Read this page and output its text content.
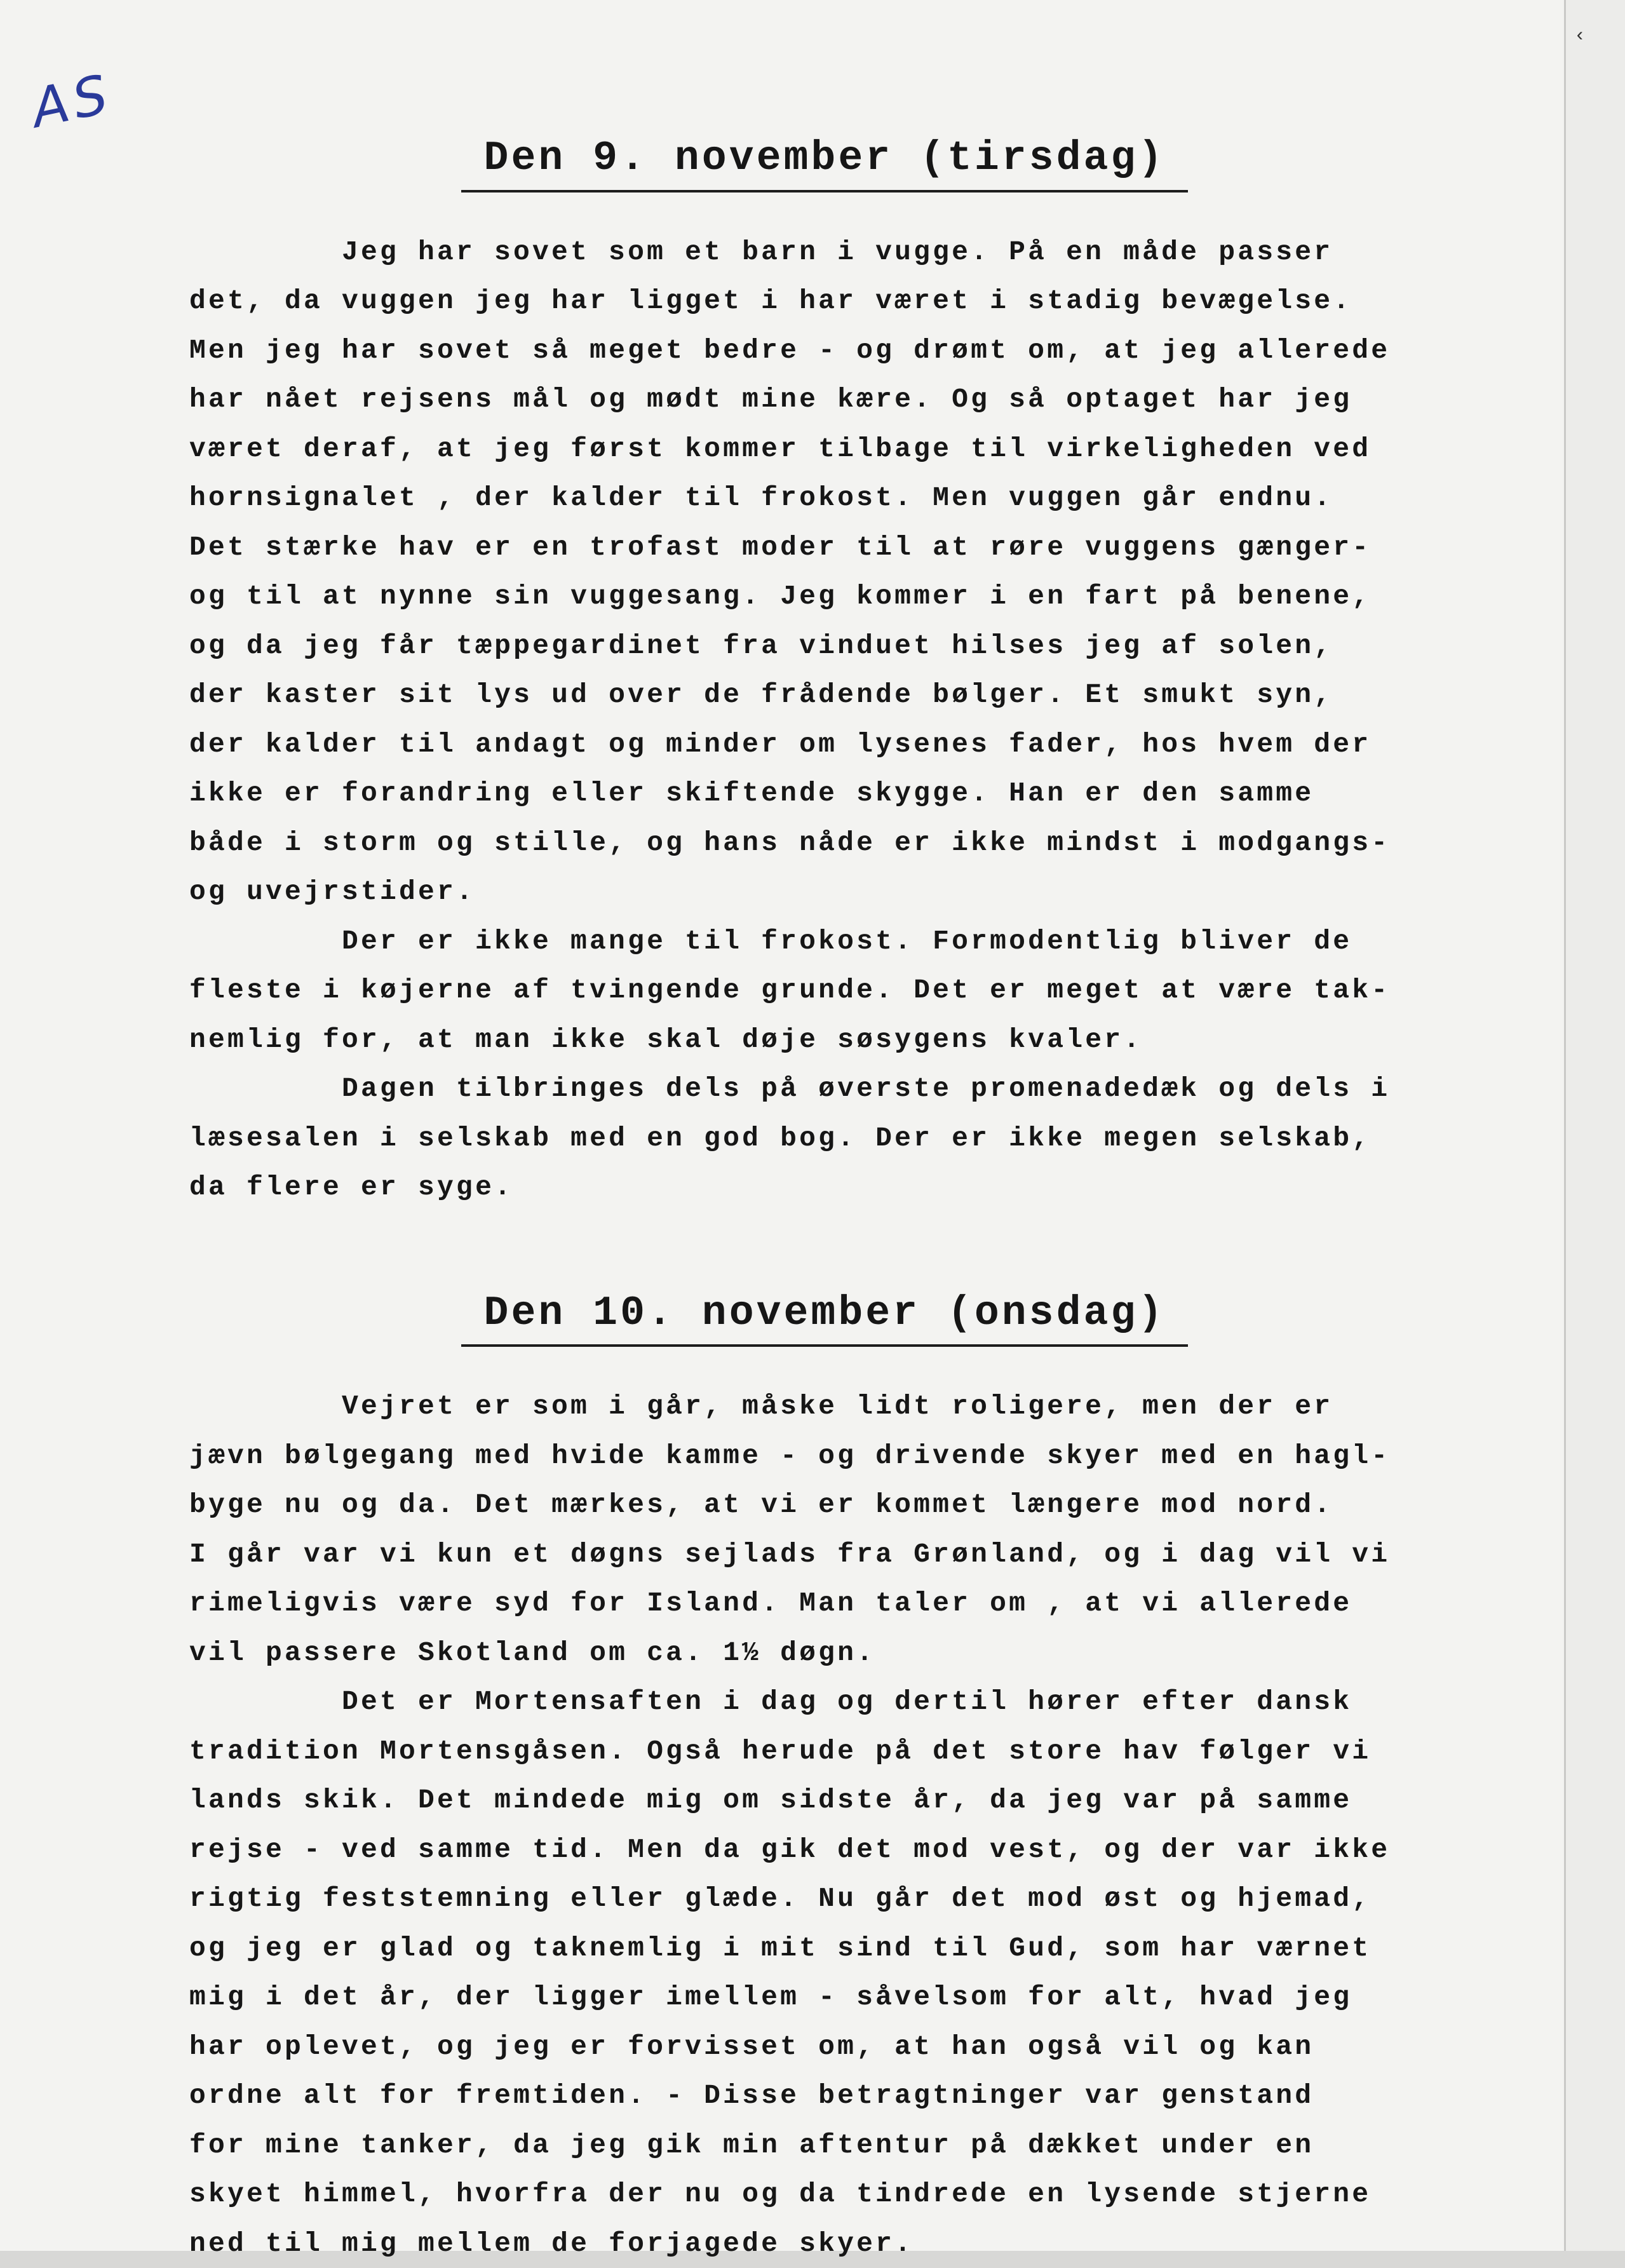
AS
Den 9. november (tirsdag)
Jeg har sovet som et barn i vugge. På en måde passer
det, da vuggen jeg har ligget i har været i stadig bevægelse.
Men jeg har sovet så meget bedre - og drømt om, at jeg allerede
har nået rejsens mål og mødt mine kære. Og så optaget har jeg
været deraf, at jeg først kommer tilbage til virkeligheden ved
hornsignalet , der kalder til frokost. Men vuggen går endnu.
Det stærke hav er en trofast moder til at røre vuggens gænger-
og til at nynne sin vuggesang. Jeg kommer i en fart på benene,
og da jeg får tæppegardinet fra vinduet hilses jeg af solen,
der kaster sit lys ud over de frådende bølger. Et smukt syn,
der kalder til andagt og minder om lysenes fader, hos hvem der
ikke er forandring eller skiftende skygge. Han er den samme
både i storm og stille, og hans nåde er ikke mindst i modgangs-
og uvejrstider.
Der er ikke mange til frokost. Formodentlig bliver de
fleste i køjerne af tvingende grunde. Det er meget at være tak-
nemlig for, at man ikke skal døje søsygens kvaler.
Dagen tilbringes dels på øverste promenadedæk og dels i
læsesalen i selskab med en god bog. Der er ikke megen selskab,
da flere er syge.
Den 10. november (onsdag)
Vejret er som i går, måske lidt roligere, men der er
jævn bølgegang med hvide kamme - og drivende skyer med en hagl-
byge nu og da. Det mærkes, at vi er kommet længere mod nord.
I går var vi kun et døgns sejlads fra Grønland, og i dag vil vi
rimeligvis være syd for Island. Man taler om , at vi allerede
vil passere Skotland om ca. 1½ døgn.
Det er Mortensaften i dag og dertil hører efter dansk
tradition Mortensgåsen. Også herude på det store hav følger vi
lands skik. Det mindede mig om sidste år, da jeg var på samme
rejse - ved samme tid. Men da gik det mod vest, og der var ikke
rigtig feststemning eller glæde. Nu går det mod øst og hjemad,
og jeg er glad og taknemlig i mit sind til Gud, som har værnet
mig i det år, der ligger imellem - såvelsom for alt, hvad jeg
har oplevet, og jeg er forvisset om, at han også vil og kan
ordne alt for fremtiden. - Disse betragtninger var genstand
for mine tanker, da jeg gik min aftentur på dækket under en
skyet himmel, hvorfra der nu og da tindrede en lysende stjerne
ned til mig mellem de forjagede skyer.
‹
